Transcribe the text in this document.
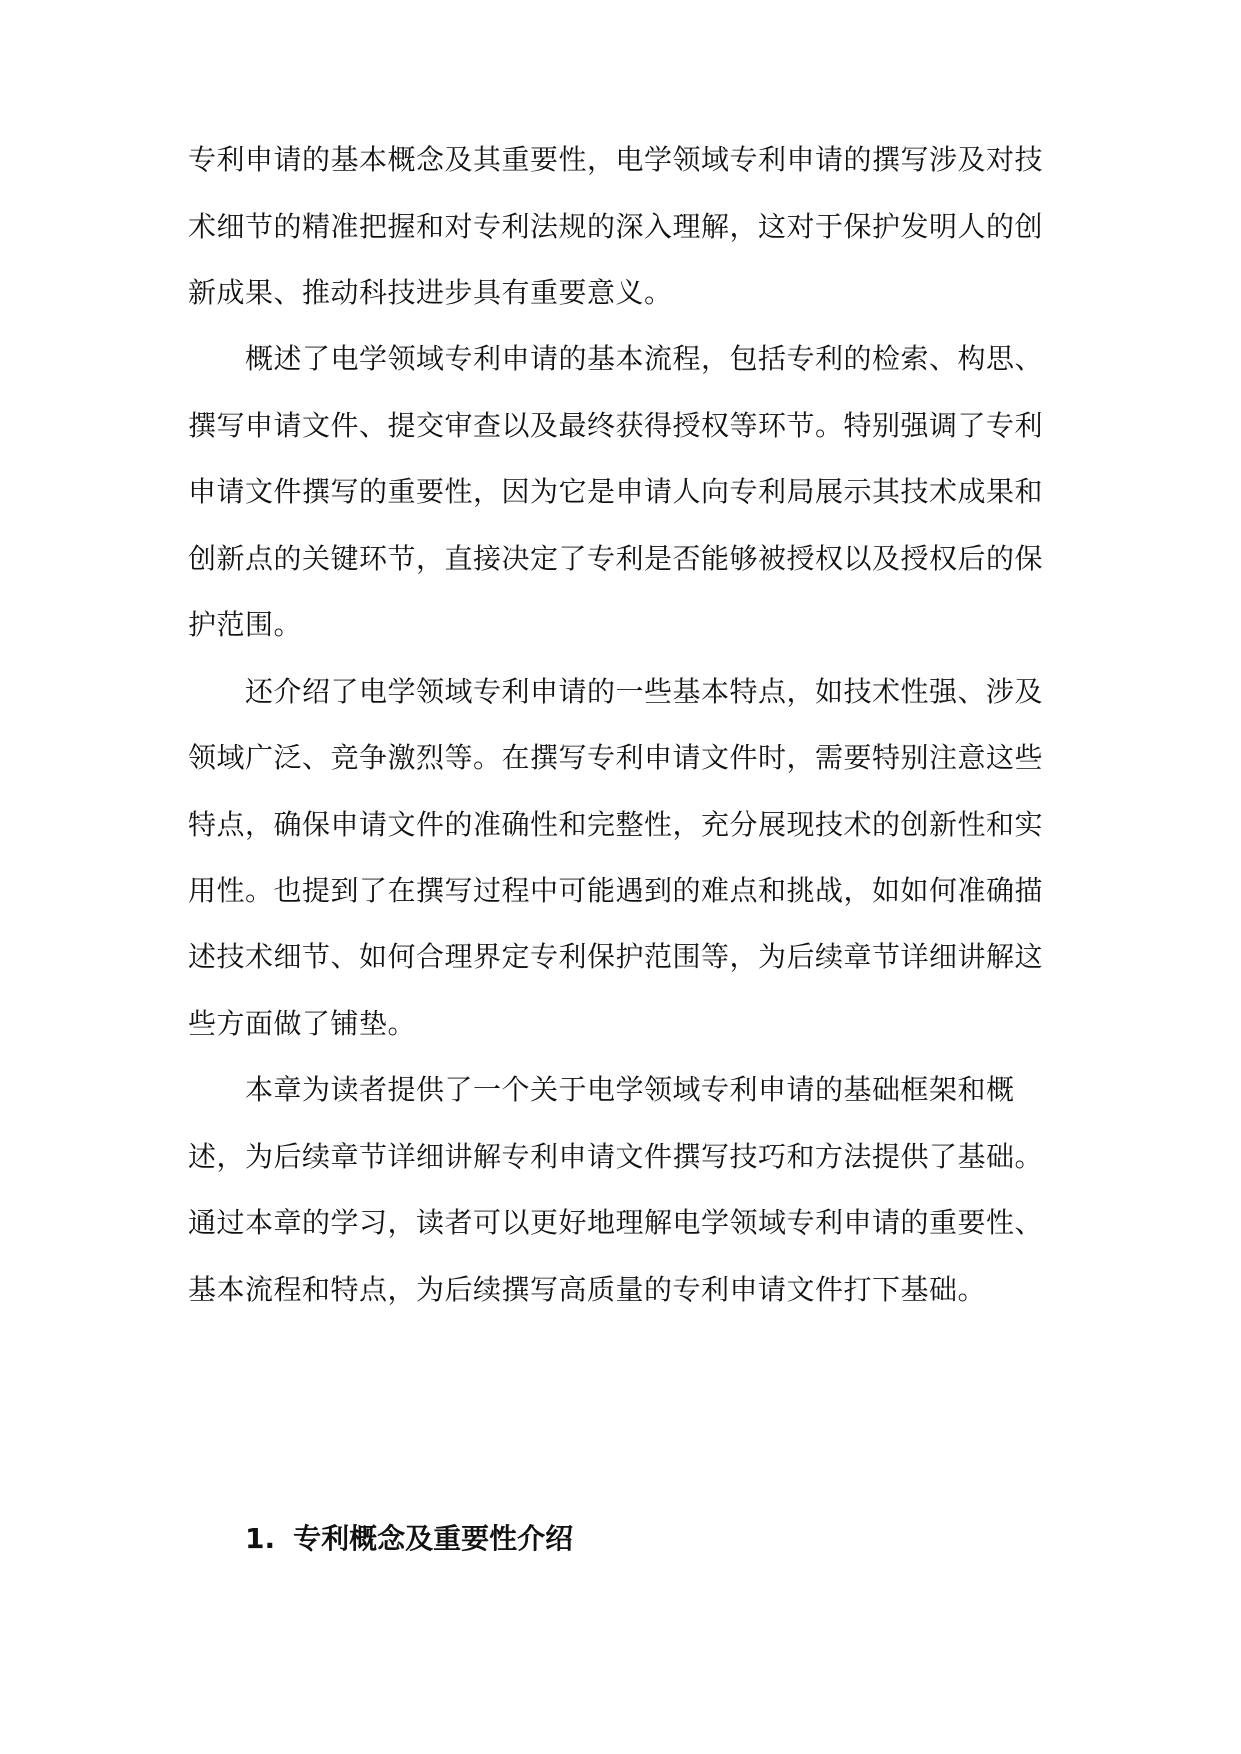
专利申请的基本概念及其重要性，电学领域专利申请的撰写涉及对技
术细节的精准把握和对专利法规的深入理解，这对于保护发明人的创
新成果、推动科技进步具有重要意义。
概述了电学领域专利申请的基本流程，包括专利的检索、构思、
撰写申请文件、提交审查以及最终获得授权等环节。特别强调了专利
申请文件撰写的重要性，因为它是申请人向专利局展示其技术成果和
创新点的关键环节，直接决定了专利是否能够被授权以及授权后的保
护范围。
还介绍了电学领域专利申请的一些基本特点，如技术性强、涉及
领域广泛、竞争激烈等。在撰写专利申请文件时，需要特别注意这些
特点，确保申请文件的准确性和完整性，充分展现技术的创新性和实
用性。也提到了在撰写过程中可能遇到的难点和挑战，如如何准确描
述技术细节、如何合理界定专利保护范围等，为后续章节详细讲解这
些方面做了铺垫。
本章为读者提供了一个关于电学领域专利申请的基础框架和概
述，为后续章节详细讲解专利申请文件撰写技巧和方法提供了基础。
通过本章的学习，读者可以更好地理解电学领域专利申请的重要性、
基本流程和特点，为后续撰写高质量的专利申请文件打下基础。
1. 专利概念及重要性介绍
